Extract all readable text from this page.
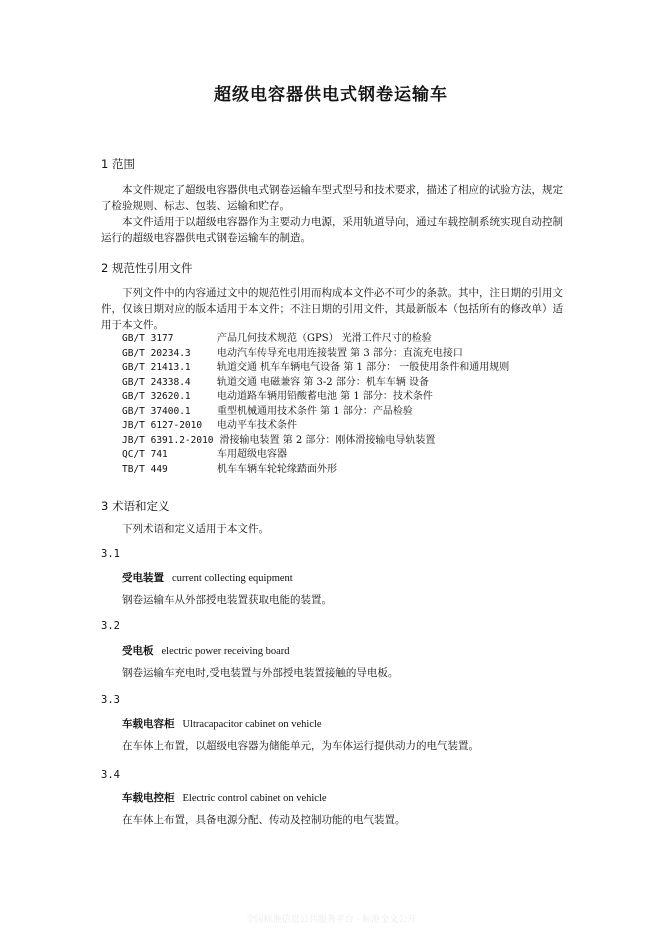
超级电容器供电式钢卷运输车
1 范围
本文件规定了超级电容器供电式钢卷运输车型式型号和技术要求，描述了相应的试验方法，规定了检验规则、标志、包装、运输和贮存。
本文件适用于以超级电容器作为主要动力电源，采用轨道导向，通过车载控制系统实现自动控制运行的超级电容器供电式钢卷运输车的制造。
2 规范性引用文件
下列文件中的内容通过文中的规范性引用而构成本文件必不可少的条款。其中，注日期的引用文件，仅该日期对应的版本适用于本文件；不注日期的引用文件，其最新版本（包括所有的修改单）适用于本文件。
GB/T 3177	产品几何技术规范（GPS） 光滑工件尺寸的检验
GB/T 20234.3	电动汽车传导充电用连接装置 第 3 部分：直流充电接口
GB/T 21413.1	轨道交通 机车车辆电气设备 第 1 部分： 一般使用条件和通用规则
GB/T 24338.4	轨道交通 电磁兼容 第 3-2 部分：机车车辆 设备
GB/T 32620.1	电动道路车辆用铅酸蓄电池 第 1 部分：技术条件
GB/T 37400.1	重型机械通用技术条件 第 1 部分：产品检验
JB/T 6127-2010	电动平车技术条件
JB/T 6391.2-2010 滑接输电装置 第 2 部分：刚体滑接输电导轨装置
QC/T 741	车用超级电容器
TB/T 449	机车车辆车轮轮缘踏面外形
3 术语和定义
下列术语和定义适用于本文件。
3.1
受电装置 current collecting equipment
钢卷运输车从外部授电装置获取电能的装置。
3.2
受电板 electric power receiving board
钢卷运输车充电时,受电装置与外部授电装置接触的导电板。
3.3
车载电容柜 Ultracapacitor cabinet on vehicle
在车体上布置，以超级电容器为储能单元，为车体运行提供动力的电气装置。
3.4
车载电控柜 Electric control cabinet on vehicle
在车体上布置，具备电源分配、传动及控制功能的电气装置。
全国标准信息公共服务平台 · 标准全文公开
